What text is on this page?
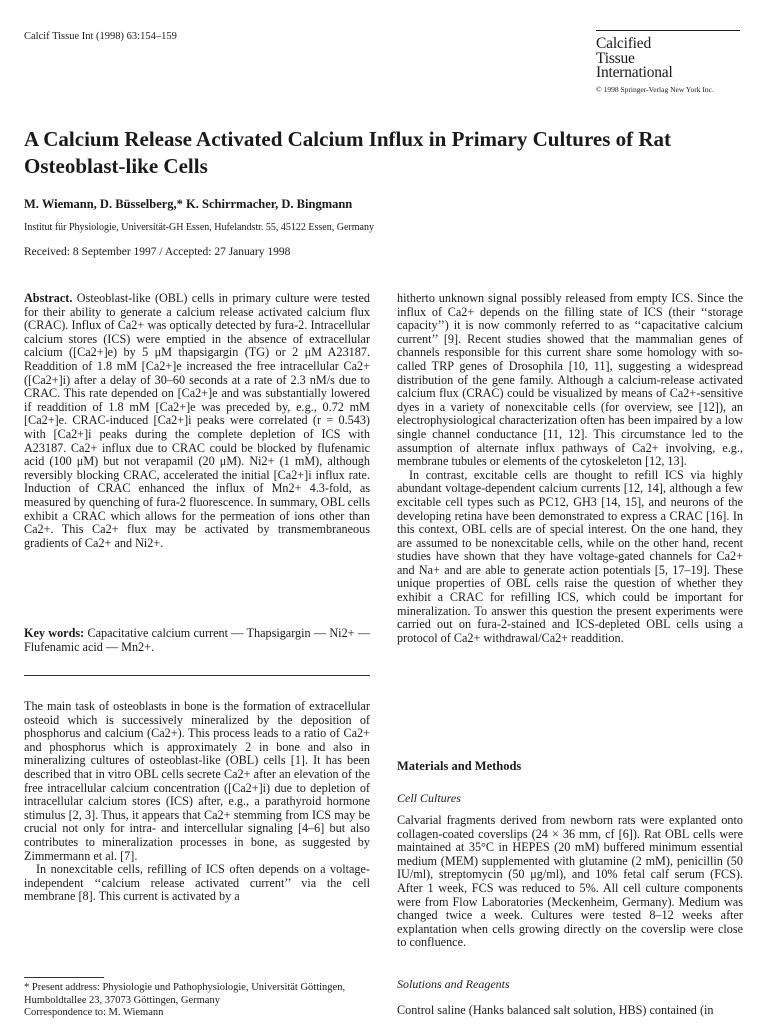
Calcif Tissue Int (1998) 63:154–159	Calcified
Tissue
International
© 1998 Springer-Verlag New York Inc.
A Calcium Release Activated Calcium Influx in Primary Cultures of Rat Osteoblast-like Cells
M. Wiemann, D. Büsselberg,* K. Schirrmacher, D. Bingmann
Institut für Physiologie, Universität-GH Essen, Hufelandstr. 55, 45122 Essen, Germany
Received: 8 September 1997 / Accepted: 27 January 1998

Abstract. Osteoblast-like (OBL) cells in primary culture were tested for their ability to generate a calcium release activated calcium flux (CRAC). Influx of Ca2+ was optically detected by fura-2. Intracellular calcium stores (ICS) were emptied in the absence of extracellular calcium ([Ca2+]e) by 5 μM thapsigargin (TG) or 2 μM A23187. Readdition of 1.8 mM [Ca2+]e increased the free intracellular Ca2+ ([Ca2+]i) after a delay of 30–60 seconds at a rate of 2.3 nM/s due to CRAC. This rate depended on [Ca2+]e and was substantially lowered if readdition of 1.8 mM [Ca2+]e was preceded by, e.g., 0.72 mM [Ca2+]e. CRAC-induced [Ca2+]i peaks were correlated (r = 0.543) with [Ca2+]i peaks during the complete depletion of ICS with A23187. Ca2+ influx due to CRAC could be blocked by flufenamic acid (100 μM) but not verapamil (20 μM). Ni2+ (1 mM), although reversibly blocking CRAC, accelerated the initial [Ca2+]i influx rate. Induction of CRAC enhanced the influx of Mn2+ 4.3-fold, as measured by quenching of fura-2 fluorescence. In summary, OBL cells exhibit a CRAC which allows for the permeation of ions other than Ca2+. This Ca2+ flux may be activated by transmembraneous gradients of Ca2+ and Ni2+.

Key words: Capacitative calcium current — Thapsigargin — Ni2+ — Flufenamic acid — Mn2+.

The main task of osteoblasts in bone is the formation of extracellular osteoid which is successively mineralized by the deposition of phosphorus and calcium (Ca2+). This process leads to a ratio of Ca2+ and phosphorus which is approximately 2 in bone and also in mineralizing cultures of osteoblast-like (OBL) cells [1]. It has been described that in vitro OBL cells secrete Ca2+ after an elevation of the free intracellular calcium concentration ([Ca2+]i) due to depletion of intracellular calcium stores (ICS) after, e.g., a parathyroid hormone stimulus [2, 3]. Thus, it appears that Ca2+ stemming from ICS may be crucial not only for intra- and intercellular signaling [4–6] but also contributes to mineralization processes in bone, as suggested by Zimmermann et al. [7].

In nonexcitable cells, refilling of ICS often depends on a voltage-independent ‘‘calcium release activated current’’ via the cell membrane [8]. This current is activated by a

* Present address: Physiologie und Pathophysiologie, Universität Göttingen, Humboldtallee 23, 37073 Göttingen, Germany
Correspondence to: M. Wiemann

hitherto unknown signal possibly released from empty ICS. Since the influx of Ca2+ depends on the filling state of ICS (their ‘‘storage capacity’’) it is now commonly referred to as ‘‘capacitative calcium current’’ [9]. Recent studies showed that the mammalian genes of channels responsible for this current share some homology with so-called TRP genes of Drosophila [10, 11], suggesting a widespread distribution of the gene family. Although a calcium-release activated calcium flux (CRAC) could be visualized by means of Ca2+-sensitive dyes in a variety of nonexcitable cells (for overview, see [12]), an electrophysiological characterization often has been impaired by a low single channel conductance [11, 12]. This circumstance led to the assumption of alternate influx pathways of Ca2+ involving, e.g., membrane tubules or elements of the cytoskeleton [12, 13].

In contrast, excitable cells are thought to refill ICS via highly abundant voltage-dependent calcium currents [12, 14], although a few excitable cell types such as PC12, GH3 [14, 15], and neurons of the developing retina have been demonstrated to express a CRAC [16]. In this context, OBL cells are of special interest. On the one hand, they are assumed to be nonexcitable cells, while on the other hand, recent studies have shown that they have voltage-gated channels for Ca2+ and Na+ and are able to generate action potentials [5, 17–19]. These unique properties of OBL cells raise the question of whether they exhibit a CRAC for refilling ICS, which could be important for mineralization. To answer this question the present experiments were carried out on fura-2-stained and ICS-depleted OBL cells using a protocol of Ca2+ withdrawal/Ca2+ readdition.

Materials and Methods
Cell Cultures
Calvarial fragments derived from newborn rats were explanted onto collagen-coated coverslips (24 × 36 mm, cf [6]). Rat OBL cells were maintained at 35°C in HEPES (20 mM) buffered minimum essential medium (MEM) supplemented with glutamine (2 mM), penicillin (50 IU/ml), streptomycin (50 μg/ml), and 10% fetal calf serum (FCS). After 1 week, FCS was reduced to 5%. All cell culture components were from Flow Laboratories (Meckenheim, Germany). Medium was changed twice a week. Cultures were tested 8–12 weeks after explantation when cells growing directly on the coverslip were close to confluence.
Solutions and Reagents
Control saline (Hanks balanced salt solution, HBS) contained (in
